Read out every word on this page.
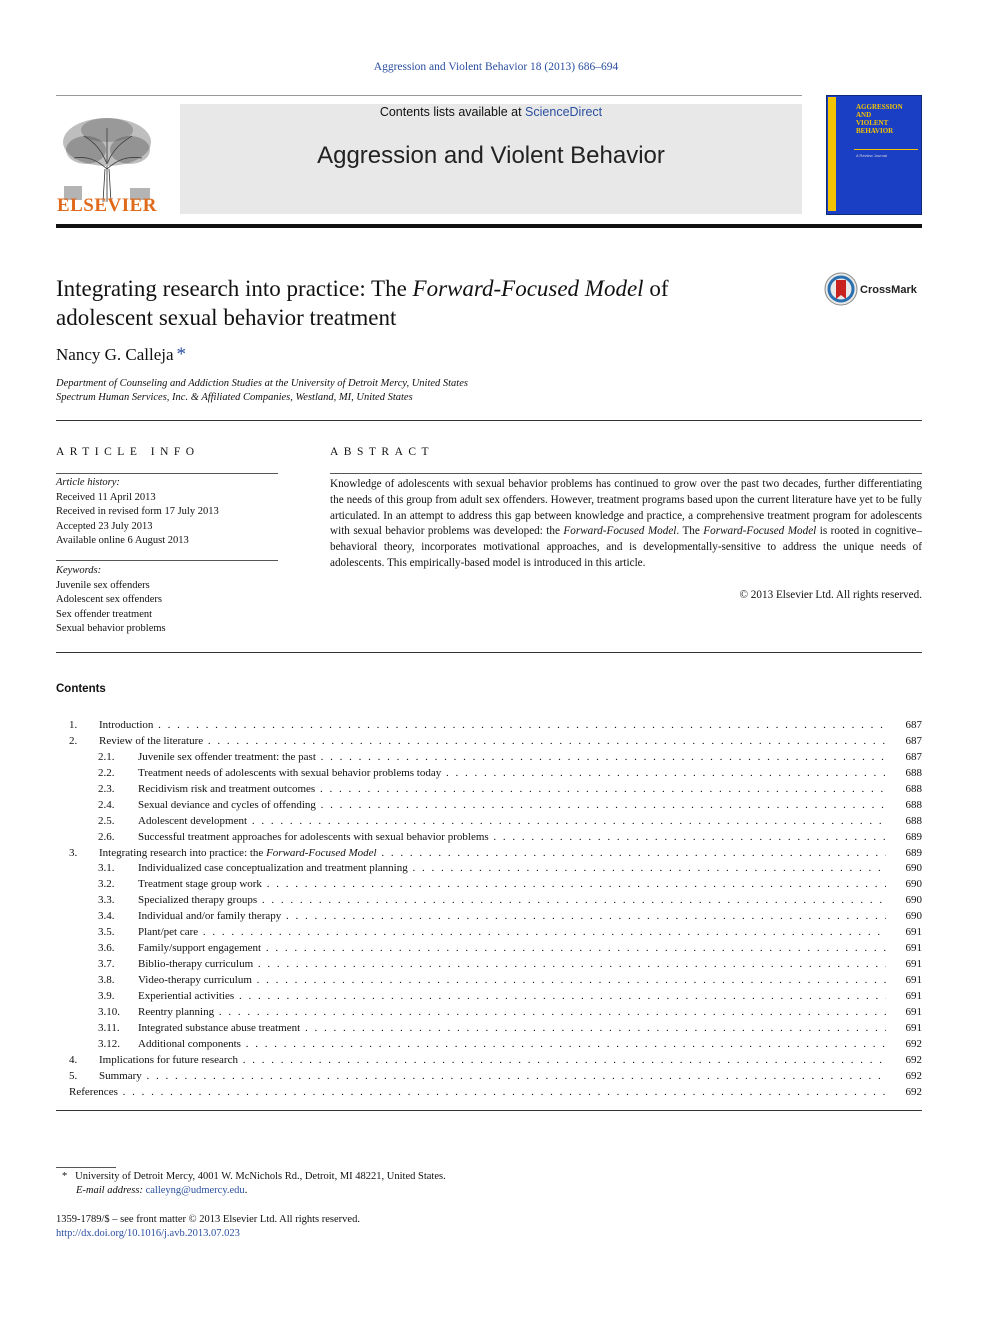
Aggression and Violent Behavior 18 (2013) 686–694
ELSEVIER
Contents lists available at ScienceDirect
Aggression and Violent Behavior
AGGRESSION
AND
VIOLENT
BEHAVIOR
A Review Journal
Integrating research into practice: The Forward-Focused Model of adolescent sexual behavior treatment
CrossMark
Nancy G. Calleja *
Department of Counseling and Addiction Studies at the University of Detroit Mercy, United States
Spectrum Human Services, Inc. & Affiliated Companies, Westland, MI, United States
ARTICLE INFO
Article history:
Received 11 April 2013
Received in revised form 17 July 2013
Accepted 23 July 2013
Available online 6 August 2013
Keywords:
Juvenile sex offenders
Adolescent sex offenders
Sex offender treatment
Sexual behavior problems
ABSTRACT
Knowledge of adolescents with sexual behavior problems has continued to grow over the past two decades, further differentiating the needs of this group from adult sex offenders. However, treatment programs based upon the current literature have yet to be fully articulated. In an attempt to address this gap between knowledge and practice, a comprehensive treatment program for adolescents with sexual behavior problems was developed: the Forward-Focused Model. The Forward-Focused Model is rooted in cognitive–behavioral theory, incorporates motivational approaches, and is developmentally-sensitive to address the unique needs of adolescents. This empirically-based model is introduced in this article.
© 2013 Elsevier Ltd. All rights reserved.
Contents
1. Introduction . . .	687
2. Review of the literature . . .	687
2.1. Juvenile sex offender treatment: the past . . .	687
2.2. Treatment needs of adolescents with sexual behavior problems today . . .	688
2.3. Recidivism risk and treatment outcomes . . .	688
2.4. Sexual deviance and cycles of offending . . .	688
2.5. Adolescent development . . .	688
2.6. Successful treatment approaches for adolescents with sexual behavior problems . . .	689
3. Integrating research into practice: the Forward-Focused Model . . .	689
3.1. Individualized case conceptualization and treatment planning . . .	690
3.2. Treatment stage group work . . .	690
3.3. Specialized therapy groups . . .	690
3.4. Individual and/or family therapy . . .	690
3.5. Plant/pet care . . .	691
3.6. Family/support engagement . . .	691
3.7. Biblio-therapy curriculum . . .	691
3.8. Video-therapy curriculum . . .	691
3.9. Experiential activities . . .	691
3.10. Reentry planning . . .	691
3.11. Integrated substance abuse treatment . . .	691
3.12. Additional components . . .	692
4. Implications for future research . . .	692
5. Summary . . .	692
References . . .	692
* University of Detroit Mercy, 4001 W. McNichols Rd., Detroit, MI 48221, United States.
E-mail address: calleyng@udmercy.edu.
1359-1789/$ – see front matter © 2013 Elsevier Ltd. All rights reserved.
http://dx.doi.org/10.1016/j.avb.2013.07.023
